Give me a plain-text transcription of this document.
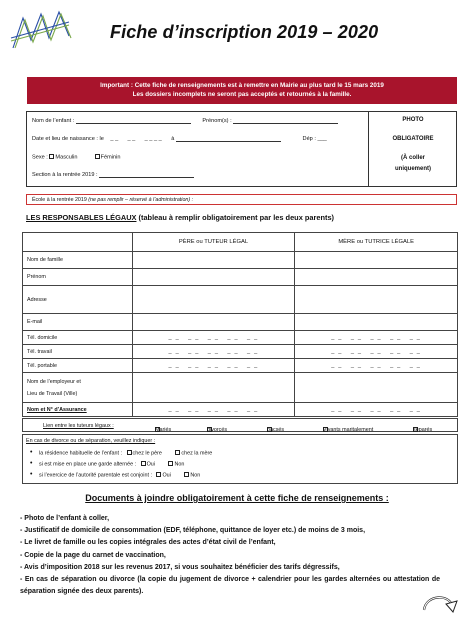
Fiche d’inscription 2019 – 2020
Important : Cette fiche de renseignements est à remettre en Mairie au plus tard le 15 mars 2019
Les dossiers incomplets ne seront pas acceptés et retournés à la famille.
Nom de l’enfant :	Prénom(s) :
Date et lieu de naissance : le _ _      _ _      _ _ _ _ à	Dép : ___
Sexe : Masculin	Féminin
Section à la rentrée 2019 :
PHOTO
OBLIGATOIRE
(À coller
uniquement)
École à la rentrée 2019 (ne pas remplir – réservé à l’administration) :
LES RESPONSABLES LÉGAUX (tableau à remplir obligatoirement par les deux parents)
	PÈRE ou TUTEUR LÉGAL	MÈRE ou TUTRICE LÉGALE
Nom de famille		
Prénom		
Adresse		
E-mail		
Tél. domicile	_ _   _ _   _ _   _ _   _ _	_ _   _ _   _ _   _ _   _ _
Tél. travail	_ _   _ _   _ _   _ _   _ _	_ _   _ _   _ _   _ _   _ _
Tél. portable	_ _   _ _   _ _   _ _   _ _	_ _   _ _   _ _   _ _   _ _

Nom de l’employeur et
Lieu de Travail (Ville)		

Nom et N° d’Assurance	_ _   _ _   _ _   _ _   _ _	_ _   _ _   _ _   _ _   _ _
Lien entre les tuteurs légaux :
Mariés	divorcés	pacsés	Vivants maritalement	séparés
En cas de divorce ou de séparation, veuillez indiquer :
• la résidence habituelle de l’enfant : chez le père	chez la mère
• si est mise en place une garde alternée : Oui	Non
• si l’exercice de l’autorité parentale est conjoint : Oui	Non
Documents à joindre obligatoirement à cette fiche de renseignements :

- Photo de l’enfant à coller,

- Justificatif de domicile de consommation (EDF, téléphone, quittance de loyer etc.) de moins de 3 mois,

- Le livret de famille ou les copies intégrales des actes d’état civil de l’enfant,

- Copie de la page du carnet de vaccination,

- Avis d’imposition 2018 sur les revenus 2017, si vous souhaitez bénéficier des tarifs dégressifs,

- En cas de séparation ou divorce (la copie du jugement de divorce + calendrier pour les gardes alternées ou attestation de séparation signée des deux parents).
